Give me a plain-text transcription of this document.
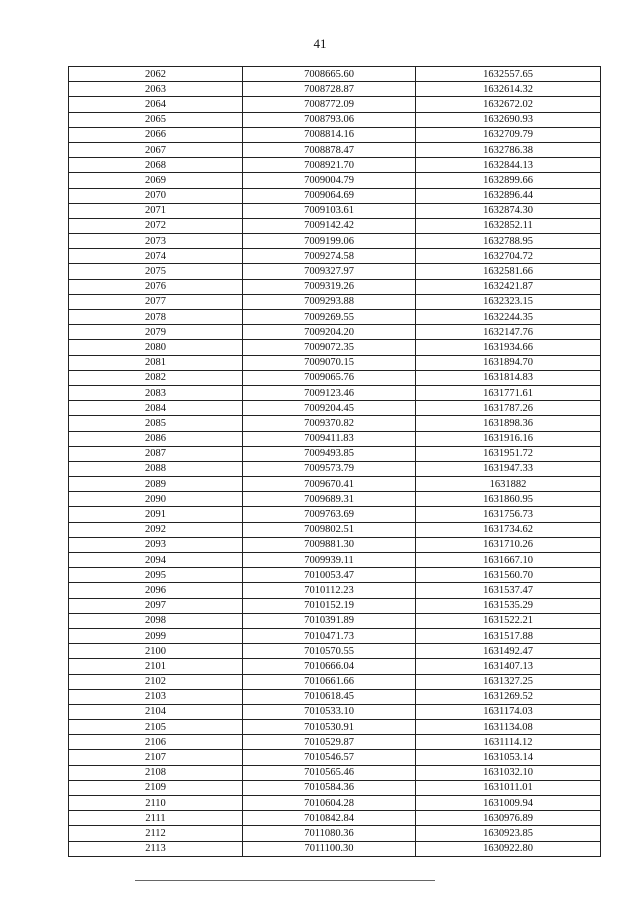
41
2062	7008665.60	1632557.65
2063	7008728.87	1632614.32
2064	7008772.09	1632672.02
2065	7008793.06	1632690.93
2066	7008814.16	1632709.79
2067	7008878.47	1632786.38
2068	7008921.70	1632844.13
2069	7009004.79	1632899.66
2070	7009064.69	1632896.44
2071	7009103.61	1632874.30
2072	7009142.42	1632852.11
2073	7009199.06	1632788.95
2074	7009274.58	1632704.72
2075	7009327.97	1632581.66
2076	7009319.26	1632421.87
2077	7009293.88	1632323.15
2078	7009269.55	1632244.35
2079	7009204.20	1632147.76
2080	7009072.35	1631934.66
2081	7009070.15	1631894.70
2082	7009065.76	1631814.83
2083	7009123.46	1631771.61
2084	7009204.45	1631787.26
2085	7009370.82	1631898.36
2086	7009411.83	1631916.16
2087	7009493.85	1631951.72
2088	7009573.79	1631947.33
2089	7009670.41	1631882
2090	7009689.31	1631860.95
2091	7009763.69	1631756.73
2092	7009802.51	1631734.62
2093	7009881.30	1631710.26
2094	7009939.11	1631667.10
2095	7010053.47	1631560.70
2096	7010112.23	1631537.47
2097	7010152.19	1631535.29
2098	7010391.89	1631522.21
2099	7010471.73	1631517.88
2100	7010570.55	1631492.47
2101	7010666.04	1631407.13
2102	7010661.66	1631327.25
2103	7010618.45	1631269.52
2104	7010533.10	1631174.03
2105	7010530.91	1631134.08
2106	7010529.87	1631114.12
2107	7010546.57	1631053.14
2108	7010565.46	1631032.10
2109	7010584.36	1631011.01
2110	7010604.28	1631009.94
2111	7010842.84	1630976.89
2112	7011080.36	1630923.85
2113	7011100.30	1630922.80
